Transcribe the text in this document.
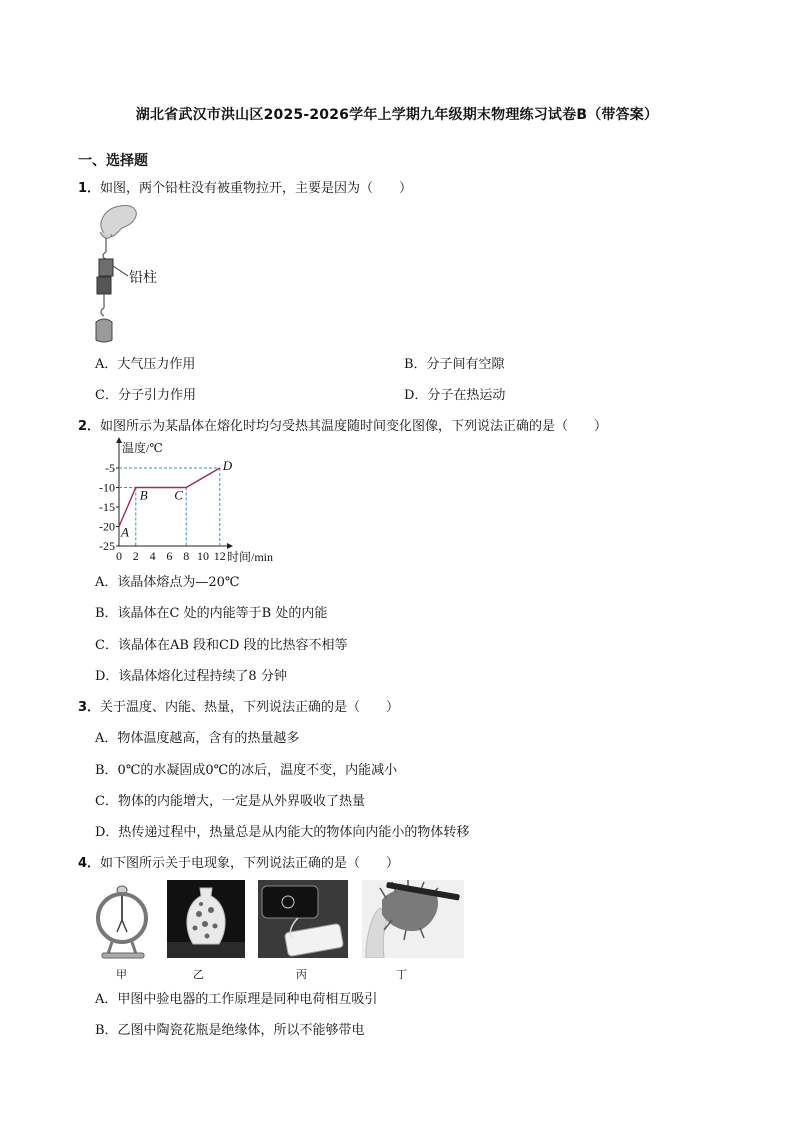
湖北省武汉市洪山区2025-2026学年上学期九年级期末物理练习试卷B（带答案）
一、选择题
1．如图，两个铅柱没有被重物拉开，主要是因为（　　）
铅柱
A．大气压力作用	B．分子间有空隙
C．分子引力作用	D．分子在热运动
2．如图所示为某晶体在熔化时均匀受热其温度随时间变化图像，下列说法正确的是（　　）
温度/℃
时间/min
0 2 4 6 8 10 12
-5
-10
-15
-20
-25
A
B C
D
A．该晶体熔点为—20℃
B．该晶体在C 处的内能等于B 处的内能
C．该晶体在AB 段和CD 段的比热容不相等
D．该晶体熔化过程持续了8 分钟
3．关于温度、内能、热量，下列说法正确的是（　　）
A．物体温度越高，含有的热量越多
B．0℃的水凝固成0℃的冰后，温度不变，内能减小
C．物体的内能增大，一定是从外界吸收了热量
D．热传递过程中，热量总是从内能大的物体向内能小的物体转移
4．如下图所示关于电现象，下列说法正确的是（　　）
甲	乙	丙	丁
A．甲图中验电器的工作原理是同种电荷相互吸引
B．乙图中陶瓷花瓶是绝缘体，所以不能够带电
